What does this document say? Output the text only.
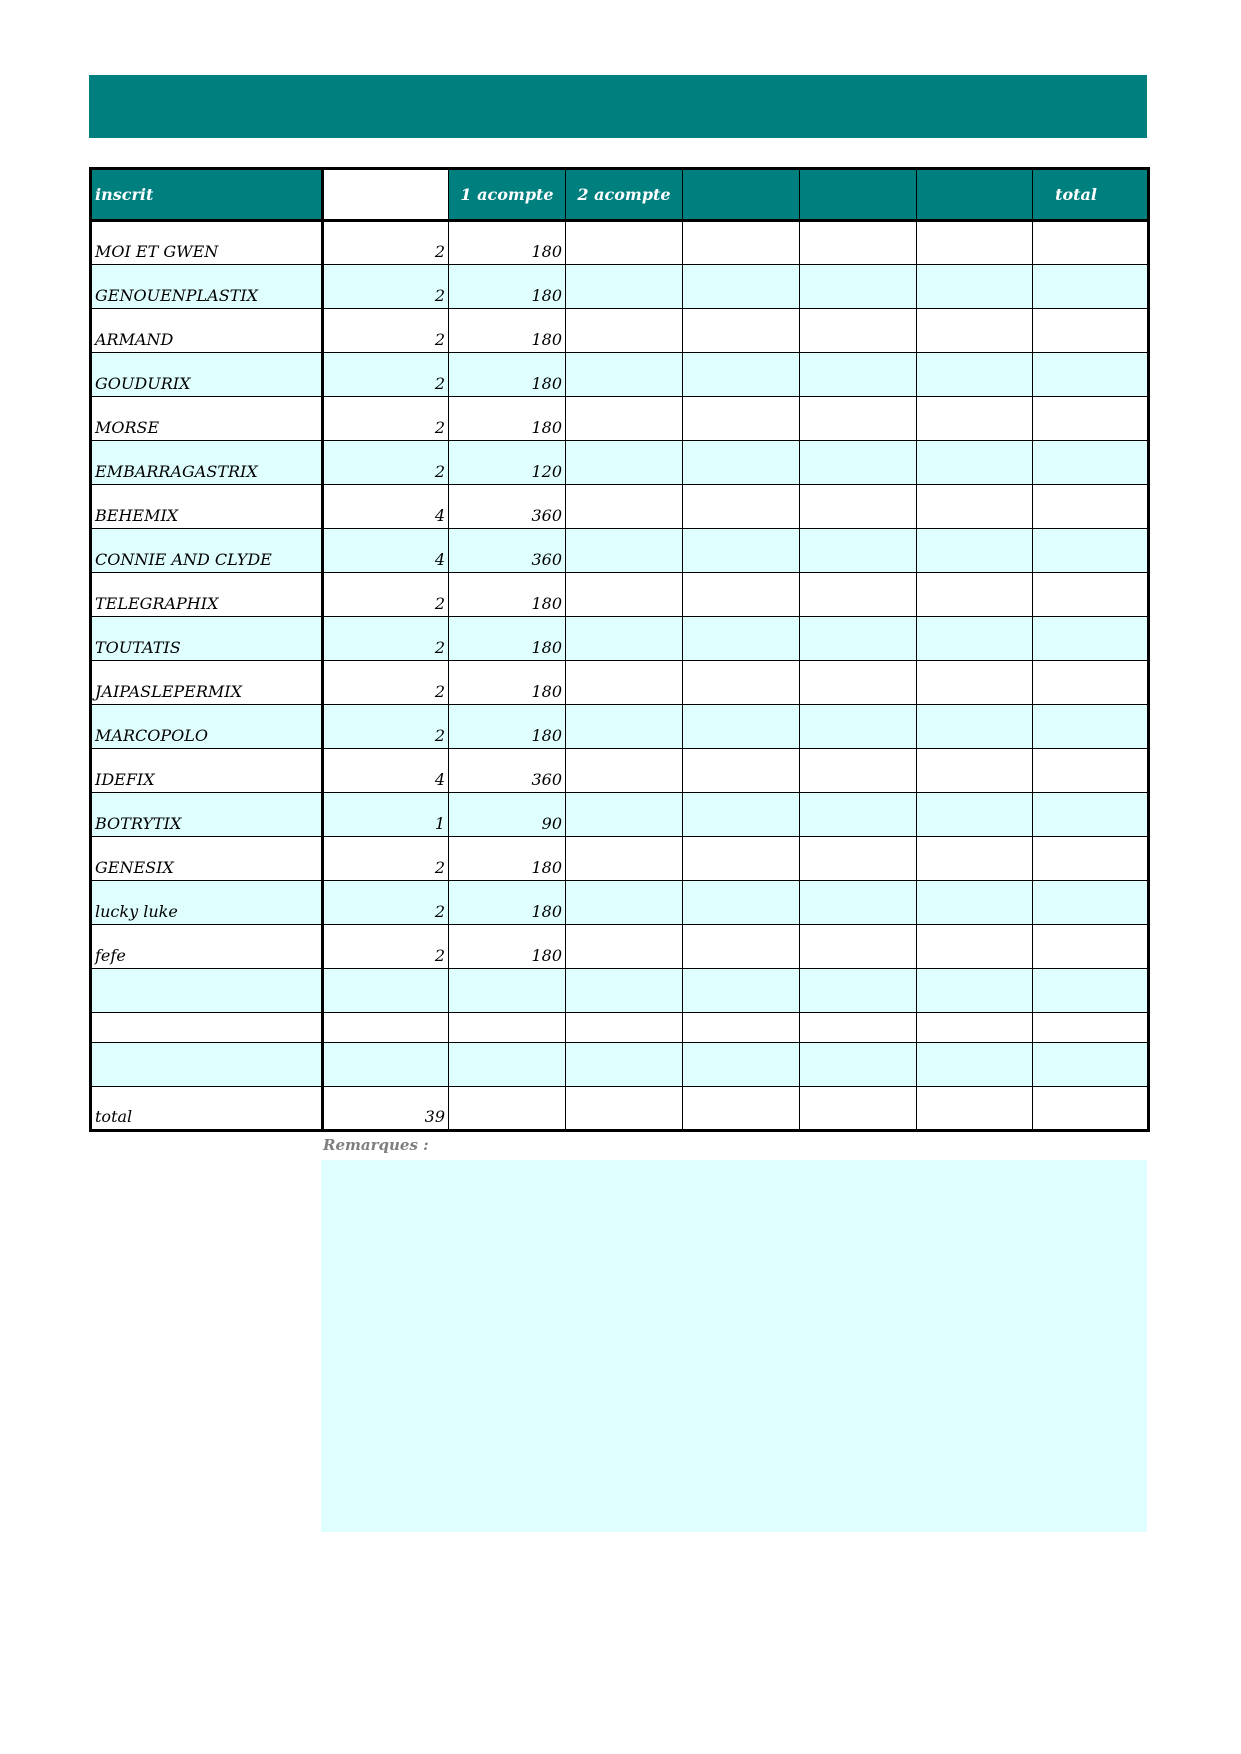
inscrit		1 acompte	2 acompte				total
MOI ET GWEN	2	180					
GENOUENPLASTIX	2	180					
ARMAND	2	180					
GOUDURIX	2	180					
MORSE	2	180					
EMBARRAGASTRIX	2	120					
BEHEMIX	4	360					
CONNIE AND CLYDE	4	360					
TELEGRAPHIX	2	180					
TOUTATIS	2	180					
JAIPASLEPERMIX	2	180					
MARCOPOLO	2	180					
IDEFIX	4	360					
BOTRYTIX	1	90					
GENESIX	2	180					
lucky luke	2	180					
fefe	2	180					

total	39						
Remarques :
